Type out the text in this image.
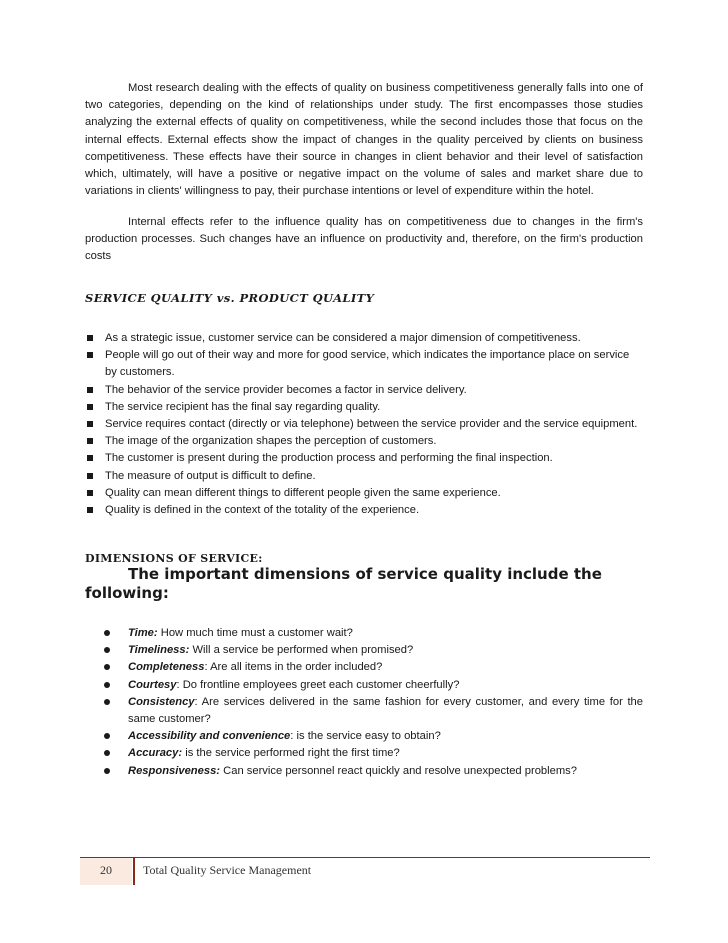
Most research dealing with the effects of quality on business competitiveness generally falls into one of two categories, depending on the kind of relationships under study. The first encompasses those studies analyzing the external effects of quality on competitiveness, while the second includes those that focus on the internal effects. External effects show the impact of changes in the quality perceived by clients on business competitiveness. These effects have their source in changes in client behavior and their level of satisfaction which, ultimately, will have a positive or negative impact on the volume of sales and market share due to variations in clients' willingness to pay, their purchase intentions or level of expenditure within the hotel.

Internal effects refer to the influence quality has on competitiveness due to changes in the firm's production processes. Such changes have an influence on productivity and, therefore, on the firm's production costs

SERVICE QUALITY vs. PRODUCT QUALITY
As a strategic issue, customer service can be considered a major dimension of competitiveness.
People will go out of their way and more for good service, which indicates the importance place on service by customers.
The behavior of the service provider becomes a factor in service delivery.
The service recipient has the final say regarding quality.
Service requires contact (directly or via telephone) between the service provider and the service equipment.
The image of the organization shapes the perception of customers.
The customer is present during the production process and performing the final inspection.
The measure of output is difficult to define.
Quality can mean different things to different people given the same experience.
Quality is defined in the context of the totality of the experience.
DIMENSIONS OF SERVICE:

The important dimensions of service quality include the following:

Time: How much time must a customer wait?
Timeliness: Will a service be performed when promised?
Completeness: Are all items in the order included?
Courtesy: Do frontline employees greet each customer cheerfully?
Consistency: Are services delivered in the same fashion for every customer, and every time for the same customer?
Accessibility and convenience: is the service easy to obtain?
Accuracy: is the service performed right the first time?
Responsiveness: Can service personnel react quickly and resolve unexpected problems?
20	Total Quality Service Management
